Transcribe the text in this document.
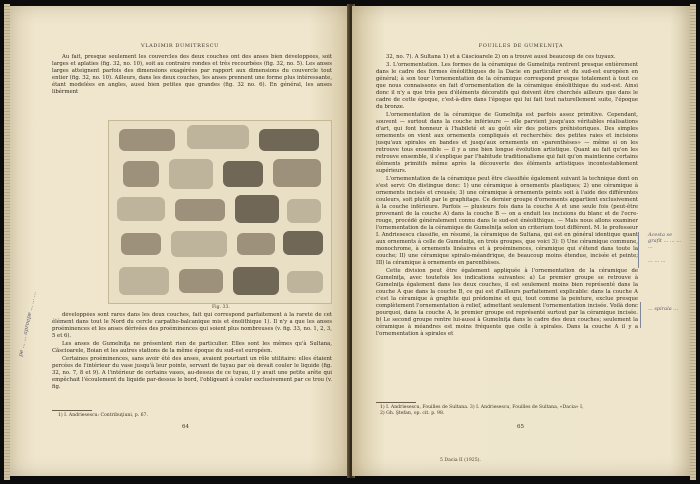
VLADIMIR DUMITRESCU

Au fait, presque seulement les couvercles des deux couches ont des anses bien développées, soit larges et aplaties (fig. 32, no. 10), soit au contraire rondes et très recourbées (fig. 32, no. 5). Les anses larges atteignent parfois des dimensions exagérées par rapport aux dimensions du couvercle tout entier (fig. 32, no. 10). Ailleurs, dans les deux couches, les anses prennent une forme plus intéressante, étant modelées en angles, aussi bien petites que grandes (fig. 32 no. 6). En général, les anses libérment

Fig. 33.

développées sont rares dans les deux couches, fait qui correspond parfaitement à la rareté de cet élément dans tout le Nord du cercle carpatho-balcanique mis et énolithique 1). Il n'y a que les anses proéminences et les anses dérivées des proéminences qui soient plus nombreuses (v. fig. 33, no. 1, 2, 3, 5 et 6).

Les anses de Gumelniţa ne présentent rien de particulier. Elles sont les mêmes qu'à Sultana, Căscioarele, Boian et les autres stations de la même époque du sud-est européen.

Certaines proéminences, sans avoir été des anses, avaient pourtant un rôle utilitaire: elles étaient percées de l'intérieur du vase jusqu'à leur pointe, servant de tuyau par où devait couler le liquide (fig. 32, no. 7, 8 et 9). A l'intérieur de certains vases, au-dessus de ce tuyau, il y avait une petite arête qui empêchait l'écoulement du liquide par-dessus le bord, l'obligeant à couler exclusivement par ce trou (v. fig.

1) I. Andriesescu: Contribuţiuni, p. 67.
64
pe ... ... aproape ... ... ...
FOUILLES DE GUMELNIŢA

32, no. 7). A Sultana 1) et à Căscioarele 2) on a trouvé aussi beaucoup de ces tuyaux.

3. L'ornementation. Les formes de la céramique de Gumelniţa rentrent presque entièrement dans le cadre des formes énéolithiques de la Dacie en particulier et du sud-est européen en général; à son tour l'ornementation de la céramique correspond presque totalement à tout ce que nous connaissons en fait d'ornementation de la céramique énéolithique du sud-est. Ainsi donc il n'y a que très peu d'éléments décoratifs qui doivent être cherchés ailleurs que dans le cadre de cette époque, c'est-à-dire dans l'époque qui lui fait tout naturellement suite, l'époque du bronze.

L'ornementation de la céramique de Gumelniţa est parfois assez primitive. Cependant, souvent — surtout dans la couche inférieure — elle parvient jusqu'aux véritables réalisations d'art, qui font honneur à l'habileté et au goût sûr des potiers préhistoriques. Des simples ornements on vient aux ornements compliqués et recherchés: des petites raies et incisions jusqu'aux spirales en bandes et jusqu'aux ornements en «parenthèses» — même si on les retrouve tous ensemble — il y a une bien longue évolution artistique. Quant au fait qu'on les retrouve ensemble, il s'explique par l'habitude traditionalisme qui fait qu'on maintienne certains éléments primitifs même après la découverte des éléments artistiques incontestablement supérieurs.

L'ornementation de la céramique peut être classifiée également suivant la technique dont on s'est servi: On distingue donc: 1) une céramique à ornements plastiques; 2) une céramique à ornements incisés et creusés; 3) une céramique à ornements peints soit à l'aide des différentes couleurs, soit plutôt par le graphitage. Ce dernier groupe d'ornements appartient exclusivement à la couche inférieure. Parfois — plusieurs fois dans la couche A et une seule fois (peut-être provenant de la couche A) dans la couche B — on a enduit les incisions du blanc et de l'ocre-rouge, procédé généralement connu dans le sud-est énéolithique. — Mais nous allons examiner l'ornementation de la céramique de Gumelniţa selon un criterium tout différent. M. le professeur I. Andriesescu classifie, en résumé, la céramique de Sultana, qui est en général identique quant aux ornements à celle de Gumelniţa, en trois groupes, que voici 3): I) Une céramique commune, monochrome, à ornements linéaires et à proéminences, céramique qui s'étend dans toute la couche; II) une céramique spiralo-méandrique, de beaucoup moins étendue, incisée et peinte; III) la céramique à ornements en parenthèses.

Cette division peut être également appliquée à l'ornementation de la céramique de Gumelniţa, avec toutefois les indications suivantes: a) Le premier groupe se retrouve à Gumelniţa également dans les deux couches, il est seulement moins bien représenté dans la couche A que dans la couche B, ce qui est d'ailleurs parfaitement explicable: dans la couche A c'est la céramique à graphite qui prédomine et qui, tout comme la peinture, exclue presque complètement l'ornementation à relief, admettant seulement l'ornementation incisée. Voilà donc pourquoi, dans la couche A, le premier groupe est représenté surtout par la céramique incisée. b) Le second groupe rentre lui-aussi à Gumelniţa dans le cadre des deux couches; seulement la céramique à méandres est moins fréquente que celle à spirales. Dans la couche A il y a l'ornementation à spirales et

Acesta se grafit ... ... ... ...
... ... ...
... spirala ...
1) I. Andriesescu, Fouilles de Sultana. 3) I. Andriesescu, Fouilles de Sultana, «Dacia» I,
2) Gh. Ştefan, op. cit. p. 98.
65
5 Dacia II (1925).
